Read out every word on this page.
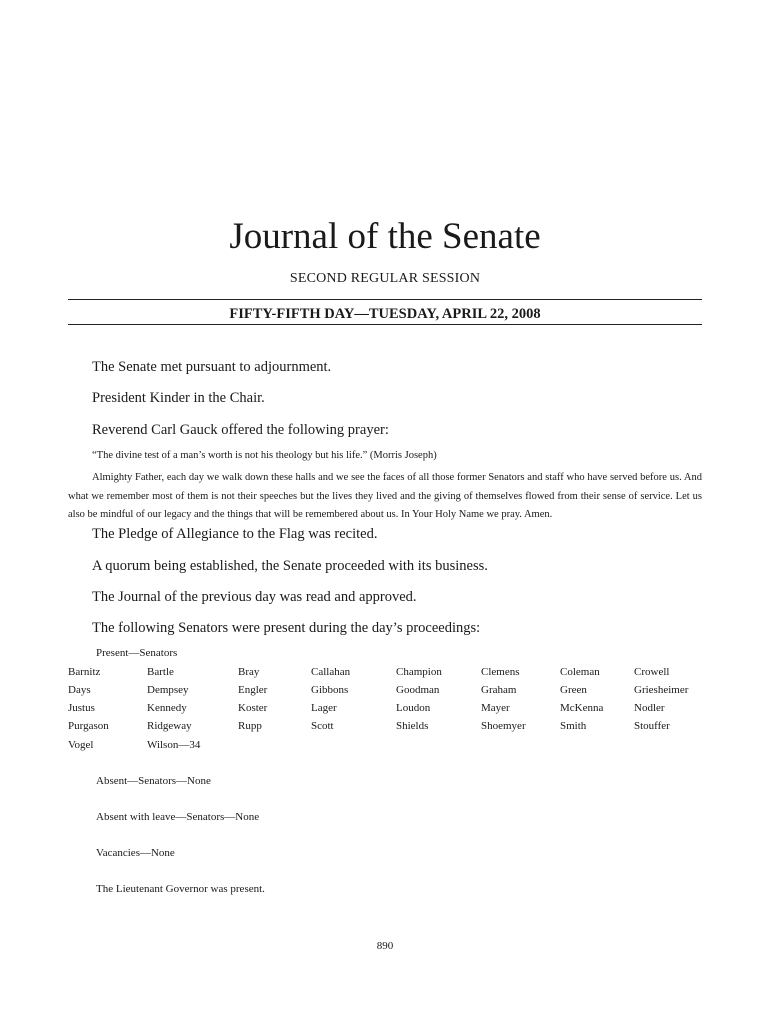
Journal of the Senate
SECOND REGULAR SESSION
FIFTY-FIFTH DAY—TUESDAY, APRIL 22, 2008
The Senate met pursuant to adjournment.
President Kinder in the Chair.
Reverend Carl Gauck offered the following prayer:
“The divine test of a man’s worth is not his theology but his life.” (Morris Joseph)
Almighty Father, each day we walk down these halls and we see the faces of all those former Senators and staff who have served before us. And what we remember most of them is not their speeches but the lives they lived and the giving of themselves flowed from their sense of service. Let us also be mindful of our legacy and the things that will be remembered about us. In Your Holy Name we pray. Amen.
The Pledge of Allegiance to the Flag was recited.
A quorum being established, the Senate proceeded with its business.
The Journal of the previous day was read and approved.
The following Senators were present during the day’s proceedings:
Present—Senators
Barnitz	Bartle	Bray	Callahan	Champion	Clemens	Coleman	Crowell
Days	Dempsey	Engler	Gibbons	Goodman	Graham	Green	Griesheimer
Justus	Kennedy	Koster	Lager	Loudon	Mayer	McKenna	Nodler
Purgason	Ridgeway	Rupp	Scott	Shields	Shoemyer	Smith	Stouffer
Vogel	Wilson—34
Absent—Senators—None
Absent with leave—Senators—None
Vacancies—None
The Lieutenant Governor was present.
890
